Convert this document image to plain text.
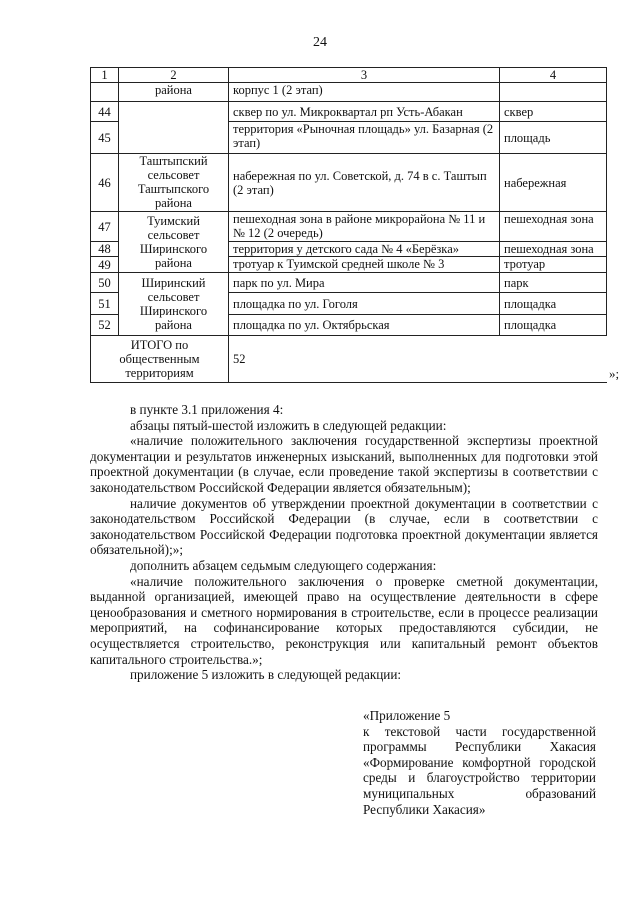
24
1	2	3	4
	района	корпус 1 (2 этап)	
44		сквер по ул. Микроквартал рп Усть-Абакан	сквер
45		территория «Рыночная площадь» ул. Базарная (2 этап)	площадь
46	Таштыпский сельсовет Таштыпского района	набережная по ул. Советской, д. 74 в с. Таштып (2 этап)	набережная
47	Туимский сельсовет Ширинского района	пешеходная зона в районе микрорайона № 11 и № 12 (2 очередь)	пешеходная зона
48		территория у детского сада № 4 «Берёзка»	пешеходная зона
49		тротуар к Туимской средней школе № 3	тротуар
50	Ширинский сельсовет Ширинского района	парк по ул. Мира	парк
51		площадка по ул. Гоголя	площадка
52		площадка по ул. Октябрьская	площадка
ИТОГО по общественным территориям		52	
»;

в пункте 3.1 приложения 4:

абзацы пятый-шестой изложить в следующей редакции:

«наличие положительного заключения государственной экспертизы проектной документации и результатов инженерных изысканий, выполненных для подготовки этой проектной документации (в случае, если проведение такой экспертизы в соответствии с законодательством Российской Федерации является обязательным);

наличие документов об утверждении проектной документации в соответствии с законодательством Российской Федерации (в случае, если в соответствии с законодательством Российской Федерации подготовка проектной документации является обязательной);»;

дополнить абзацем седьмым следующего содержания:

«наличие положительного заключения о проверке сметной документации, выданной организацией, имеющей право на осуществление деятельности в сфере ценообразования и сметного нормирования в строительстве, если в процессе реализации мероприятий, на софинансирование которых предоставляются субсидии, не осуществляется строительство, реконструкция или капитальный ремонт объектов капитального строительства.»;

приложение 5 изложить в следующей редакции:

«Приложение 5

к текстовой части государственной программы Республики Хакасия «Формирование комфортной городской среды и благоустройство территории муниципальных образований Республики Хакасия»
